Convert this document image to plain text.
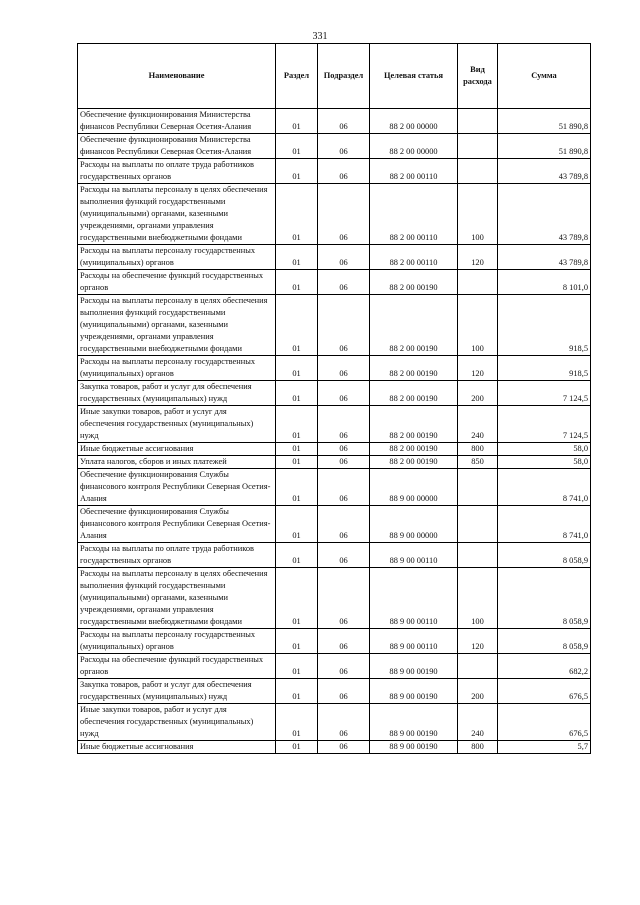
331
Наименование	Раздел	Подраздел	Целевая статья	Вид расхода	Сумма
Обеспечение функционирования Министерства финансов Республики Северная Осетия-Алания	01	06	88 2 00 00000		51 890,8
Обеспечение функционирования Министерства финансов Республики Северная Осетия-Алания	01	06	88 2 00 00000		51 890,8
Расходы на выплаты по оплате труда работников государственных органов	01	06	88 2 00 00110		43 789,8
Расходы на выплаты персоналу в целях обеспечения выполнения функций государственными (муниципальными) органами, казенными учреждениями, органами управления государственными внебюджетными фондами	01	06	88 2 00 00110	100	43 789,8
Расходы на выплаты персоналу государственных (муниципальных) органов	01	06	88 2 00 00110	120	43 789,8
Расходы на обеспечение функций государственных органов	01	06	88 2 00 00190		8 101,0
Расходы на выплаты персоналу в целях обеспечения выполнения функций государственными (муниципальными) органами, казенными учреждениями, органами управления государственными внебюджетными фондами	01	06	88 2 00 00190	100	918,5
Расходы на выплаты персоналу государственных (муниципальных) органов	01	06	88 2 00 00190	120	918,5
Закупка товаров, работ и услуг для обеспечения государственных (муниципальных) нужд	01	06	88 2 00 00190	200	7 124,5
Иные закупки товаров, работ и услуг для обеспечения государственных (муниципальных) нужд	01	06	88 2 00 00190	240	7 124,5
Иные бюджетные ассигнования	01	06	88 2 00 00190	800	58,0
Уплата налогов, сборов и иных платежей	01	06	88 2 00 00190	850	58,0
Обеспечение функционирования Службы финансового контроля Республики Северная Осетия-Алания	01	06	88 9 00 00000		8 741,0
Обеспечение функционирования Службы финансового контроля Республики Северная Осетия-Алания	01	06	88 9 00 00000		8 741,0
Расходы на выплаты по оплате труда работников государственных органов	01	06	88 9 00 00110		8 058,9
Расходы на выплаты персоналу в целях обеспечения выполнения функций государственными (муниципальными) органами, казенными учреждениями, органами управления государственными внебюджетными фондами	01	06	88 9 00 00110	100	8 058,9
Расходы на выплаты персоналу государственных (муниципальных) органов	01	06	88 9 00 00110	120	8 058,9
Расходы на обеспечение функций государственных органов	01	06	88 9 00 00190		682,2
Закупка товаров, работ и услуг для обеспечения государственных (муниципальных) нужд	01	06	88 9 00 00190	200	676,5
Иные закупки товаров, работ и услуг для обеспечения государственных (муниципальных) нужд	01	06	88 9 00 00190	240	676,5
Иные бюджетные ассигнования	01	06	88 9 00 00190	800	5,7
